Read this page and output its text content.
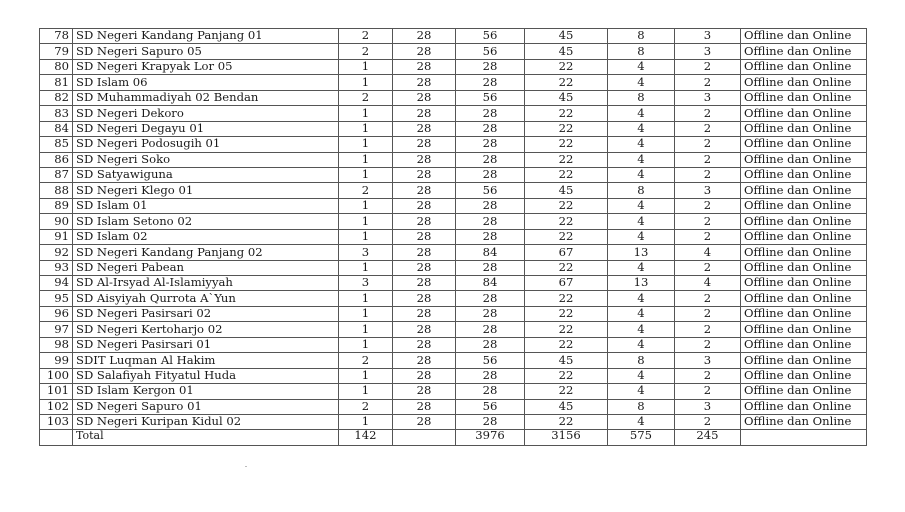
78	SD Negeri Kandang Panjang 01	2	28	56	45	8	3	Offline dan Online
79	SD Negeri Sapuro 05	2	28	56	45	8	3	Offline dan Online
80	SD Negeri Krapyak Lor 05	1	28	28	22	4	2	Offline dan Online
81	SD Islam 06	1	28	28	22	4	2	Offline dan Online
82	SD Muhammadiyah 02 Bendan	2	28	56	45	8	3	Offline dan Online
83	SD Negeri Dekoro	1	28	28	22	4	2	Offline dan Online
84	SD Negeri Degayu 01	1	28	28	22	4	2	Offline dan Online
85	SD Negeri Podosugih 01	1	28	28	22	4	2	Offline dan Online
86	SD Negeri Soko	1	28	28	22	4	2	Offline dan Online
87	SD Satyawiguna	1	28	28	22	4	2	Offline dan Online
88	SD Negeri Klego 01	2	28	56	45	8	3	Offline dan Online
89	SD Islam 01	1	28	28	22	4	2	Offline dan Online
90	SD Islam Setono 02	1	28	28	22	4	2	Offline dan Online
91	SD Islam 02	1	28	28	22	4	2	Offline dan Online
92	SD Negeri Kandang Panjang 02	3	28	84	67	13	4	Offline dan Online
93	SD Negeri Pabean	1	28	28	22	4	2	Offline dan Online
94	SD Al-Irsyad Al-Islamiyyah	3	28	84	67	13	4	Offline dan Online
95	SD Aisyiyah Qurrota A`Yun	1	28	28	22	4	2	Offline dan Online
96	SD Negeri Pasirsari 02	1	28	28	22	4	2	Offline dan Online
97	SD Negeri Kertoharjo 02	1	28	28	22	4	2	Offline dan Online
98	SD Negeri Pasirsari 01	1	28	28	22	4	2	Offline dan Online
99	SDIT Luqman Al Hakim	2	28	56	45	8	3	Offline dan Online
100	SD Salafiyah Fityatul Huda	1	28	28	22	4	2	Offline dan Online
101	SD Islam Kergon 01	1	28	28	22	4	2	Offline dan Online
102	SD Negeri Sapuro 01	2	28	56	45	8	3	Offline dan Online
103	SD Negeri Kuripan Kidul 02	1	28	28	22	4	2	Offline dan Online
	Total	142		3976	3156	575	245	
